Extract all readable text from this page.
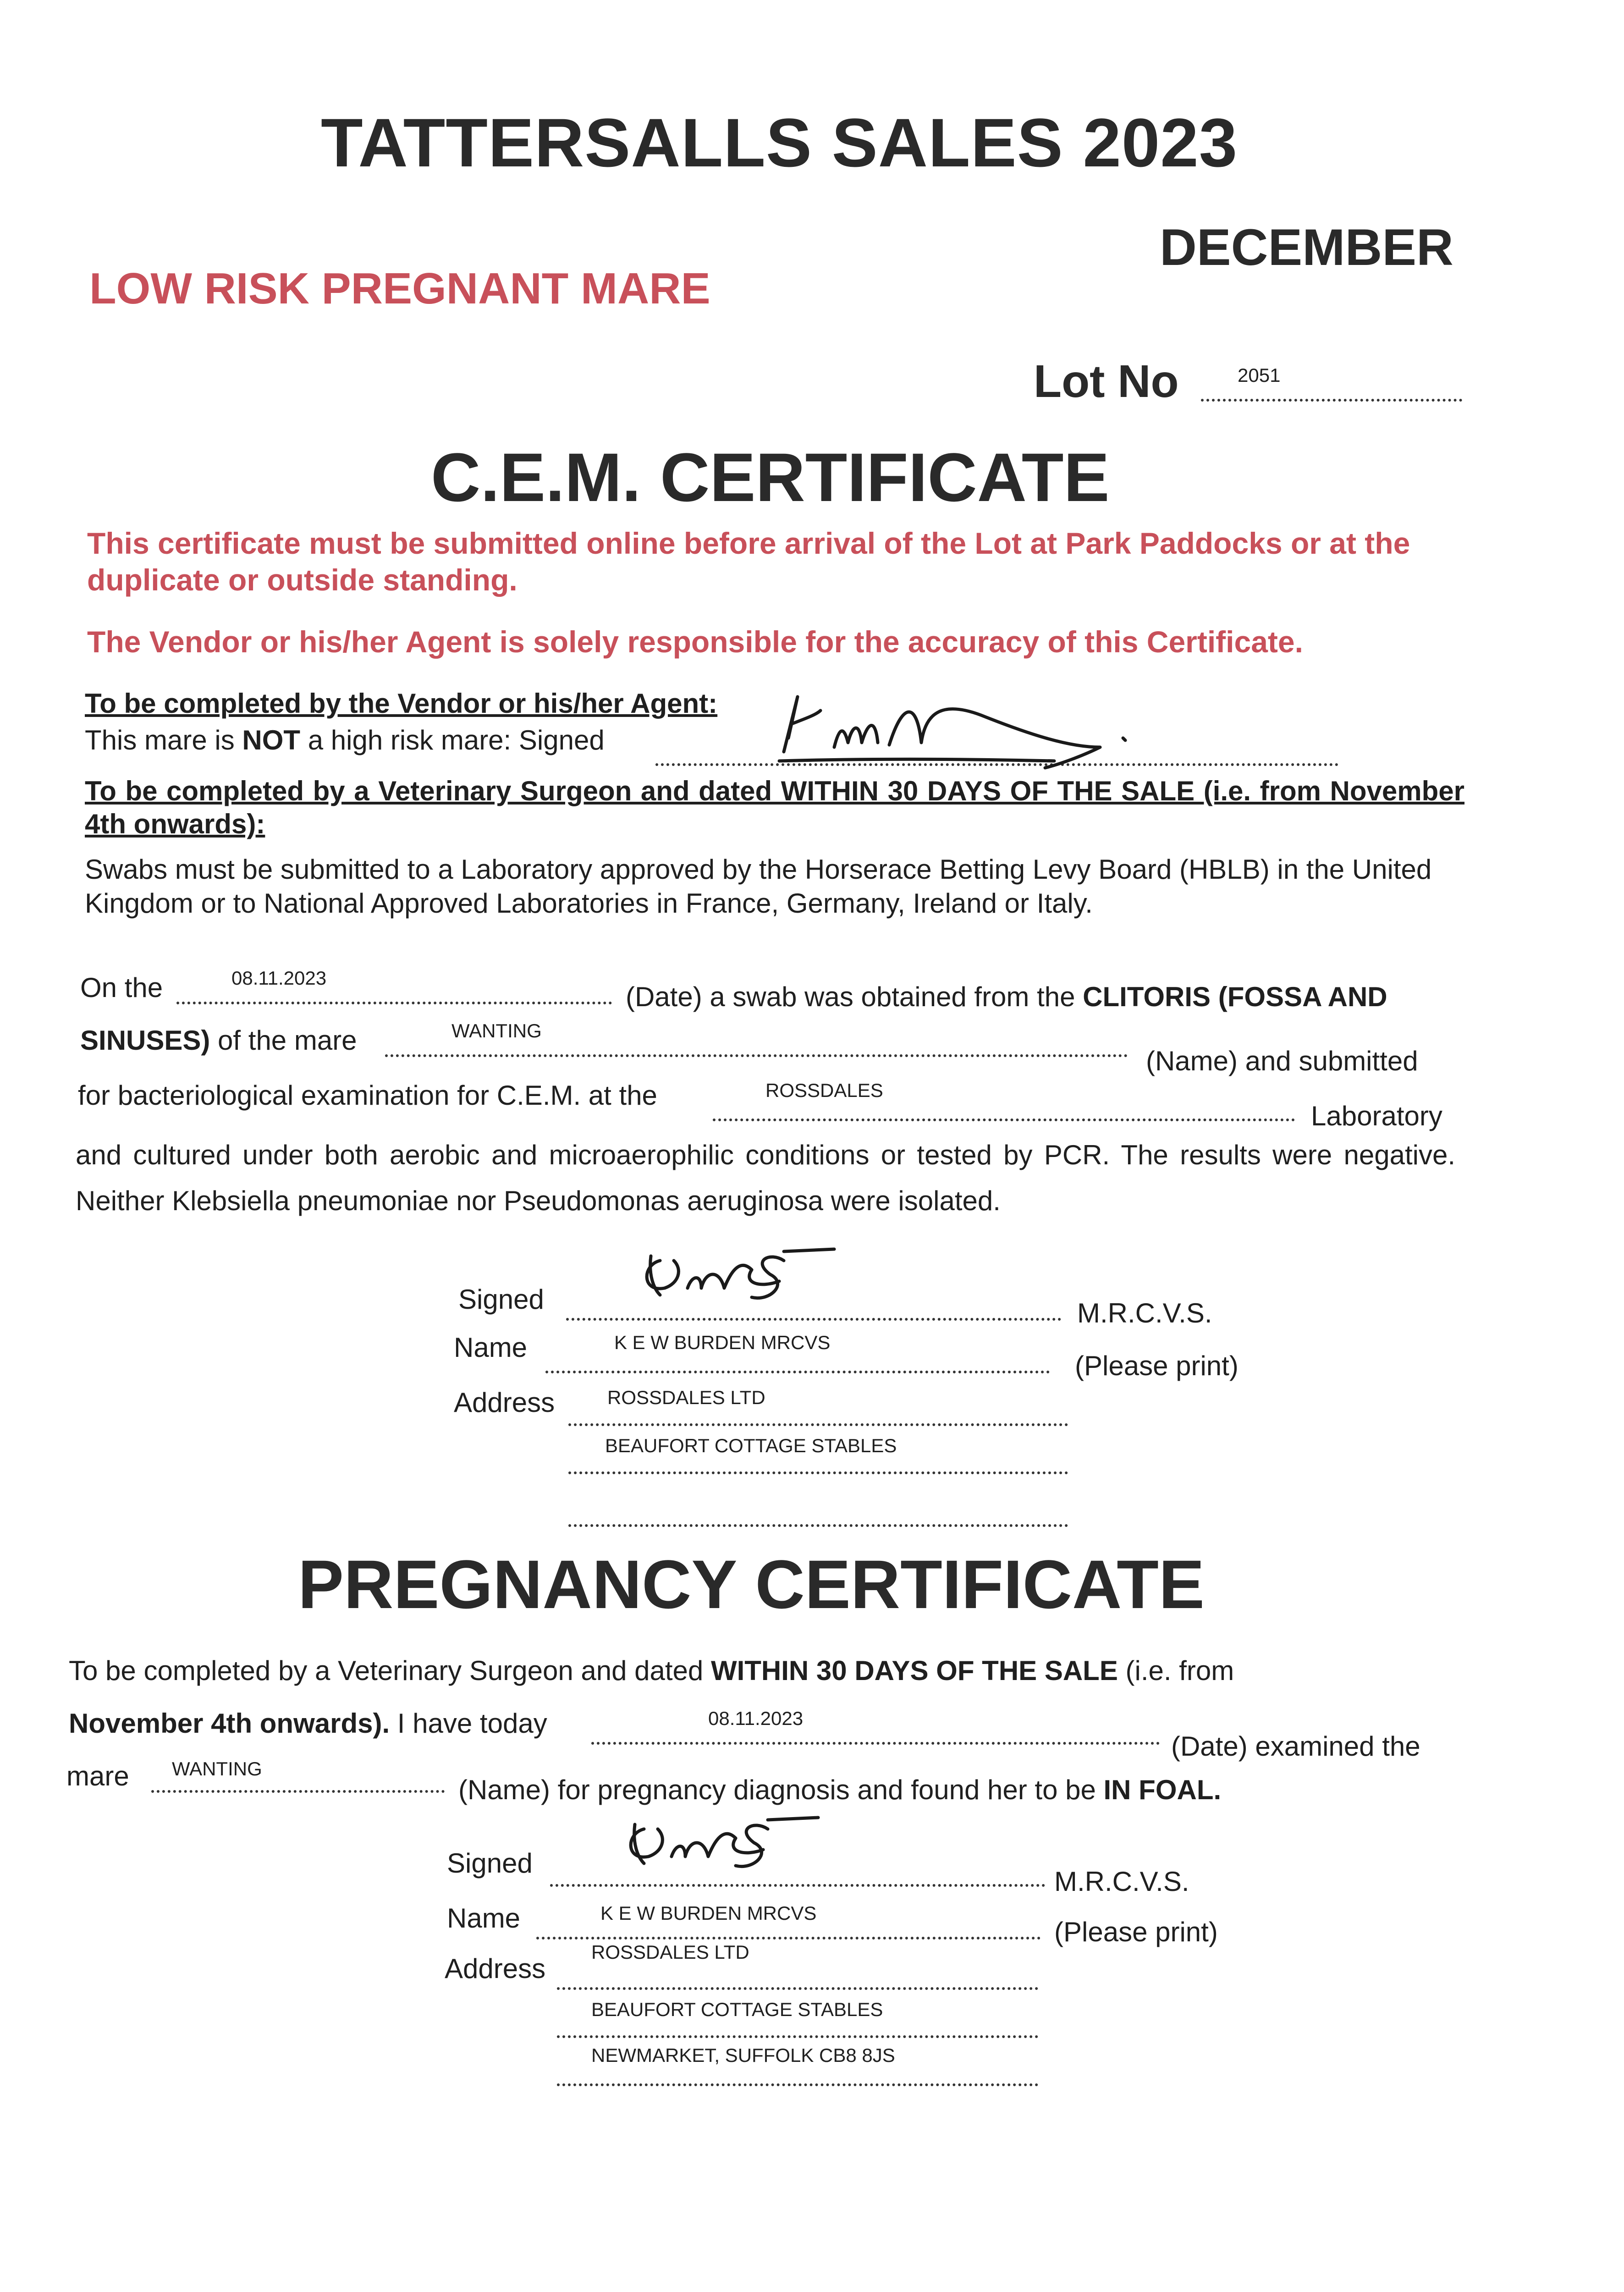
TATTERSALLS SALES 2023
DECEMBER
LOW RISK PREGNANT MARE
Lot No	2051
C.E.M. CERTIFICATE
This certificate must be submitted online before arrival of the Lot at Park Paddocks or at the duplicate or outside standing.
The Vendor or his/her Agent is solely responsible for the accuracy of this Certificate.
To be completed by the Vendor or his/her Agent:
This mare is NOT a high risk mare: Signed
To be completed by a Veterinary Surgeon and dated WITHIN 30 DAYS OF THE SALE (i.e. from November 4th onwards):
Swabs must be submitted to a Laboratory approved by the Horserace Betting Levy Board (HBLB) in the United Kingdom or to National Approved Laboratories in France, Germany, Ireland or Italy.
On the	08.11.2023
(Date) a swab was obtained from the CLITORIS (FOSSA AND
SINUSES) of the mare	WANTING
(Name) and submitted
for bacteriological examination for C.E.M. at the	ROSSDALES
Laboratory
and cultured under both aerobic and microaerophilic conditions or tested by PCR. The results were negative. Neither Klebsiella pneumoniae nor Pseudomonas aeruginosa were isolated.
Signed	M.R.C.V.S.
Name	K E W BURDEN MRCVS
(Please print)
Address	ROSSDALES LTD
BEAUFORT COTTAGE STABLES
PREGNANCY CERTIFICATE
To be completed by a Veterinary Surgeon and dated WITHIN 30 DAYS OF THE SALE (i.e. from
November 4th onwards). I have today	08.11.2023
(Date) examined the
mare WANTING
(Name) for pregnancy diagnosis and found her to be IN FOAL.
Signed
M.R.C.V.S.
Name	K E W BURDEN MRCVS
(Please print)
Address
ROSSDALES LTD
BEAUFORT COTTAGE STABLES
NEWMARKET, SUFFOLK CB8 8JS
